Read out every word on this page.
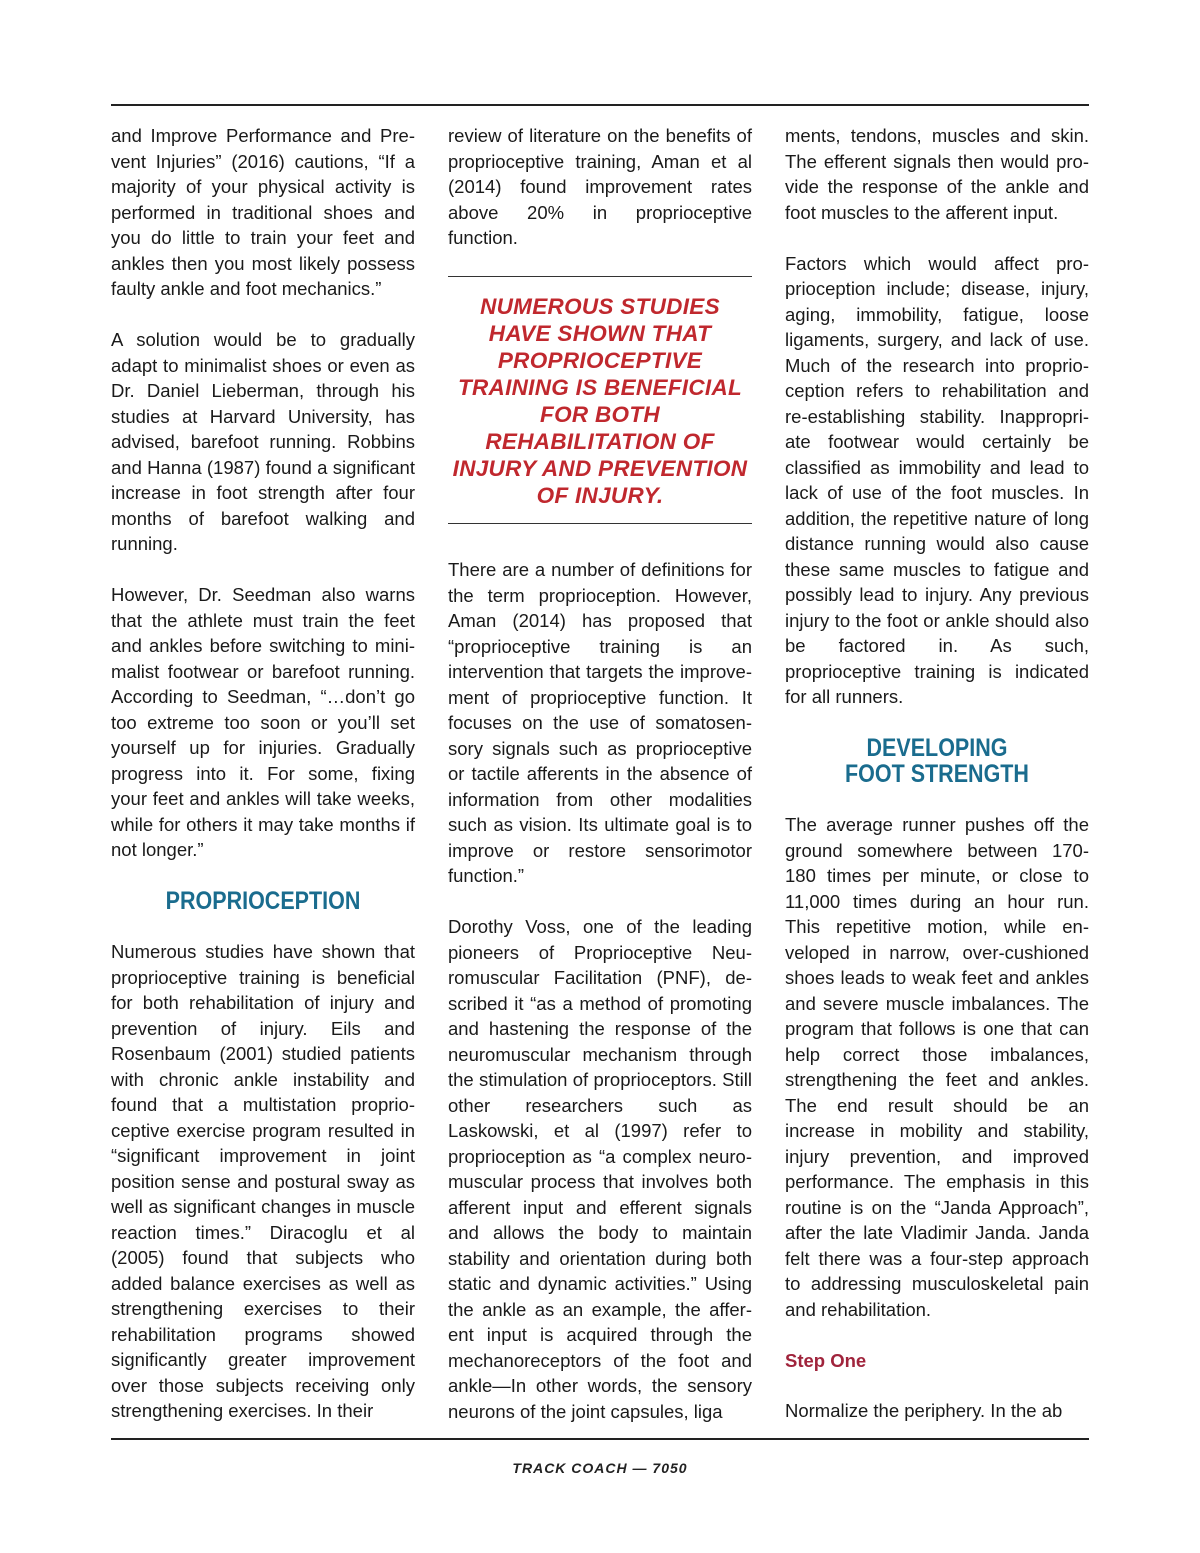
and Improve Performance and Prevent Injuries” (2016) cautions, “If a majority of your physical activity is performed in traditional shoes and you do little to train your feet and ankles then you most likely possess faulty ankle and foot mechanics.”

A solution would be to gradually adapt to minimalist shoes or even as Dr. Daniel Lieberman, through his studies at Harvard University, has advised, barefoot running. Robbins and Hanna (1987) found a significant increase in foot strength after four months of barefoot walking and running.

However, Dr. Seedman also warns that the athlete must train the feet and ankles before switching to minimalist footwear or barefoot running. According to Seedman, “…don’t go too extreme too soon or you’ll set yourself up for injuries. Gradually progress into it. For some, fixing your feet and ankles will take weeks, while for others it may take months if not longer.”

PROPRIOCEPTION

Numerous studies have shown that proprioceptive training is beneficial for both rehabilitation of injury and prevention of injury. Eils and Rosenbaum (2001) studied patients with chronic ankle instability and found that a multistation proprioceptive exercise program resulted in “significant improvement in joint position sense and postural sway as well as significant changes in muscle reaction times.” Diracoglu et al (2005) found that subjects who added balance exercises as well as strengthening exercises to their rehabilitation programs showed significantly greater improvement over those subjects receiving only strengthening exercises. In their

review of literature on the benefits of proprioceptive training, Aman et al (2014) found improvement rates above 20% in proprioceptive function.

NUMEROUS STUDIES HAVE SHOWN THAT PROPRIOCEPTIVE TRAINING IS BENEFICIAL FOR BOTH REHABILITATION OF INJURY AND PREVENTION OF INJURY.

There are a number of definitions for the term proprioception. However, Aman (2014) has proposed that “proprioceptive training is an intervention that targets the improvement of proprioceptive function. It focuses on the use of somatosensory signals such as proprioceptive or tactile afferents in the absence of information from other modalities such as vision. Its ultimate goal is to improve or restore sensorimotor function.”

Dorothy Voss, one of the leading pioneers of Proprioceptive Neuromuscular Facilitation (PNF), described it “as a method of promoting and hastening the response of the neuromuscular mechanism through the stimulation of proprioceptors. Still other researchers such as Laskowski, et al (1997) refer to proprioception as “a complex neuromuscular process that involves both afferent input and efferent signals and allows the body to maintain stability and orientation during both static and dynamic activities.” Using the ankle as an example, the afferent input is acquired through the mechanoreceptors of the foot and ankle—In other words, the sensory neurons of the joint capsules, liga

ments, tendons, muscles and skin. The efferent signals then would provide the response of the ankle and foot muscles to the afferent input.

Factors which would affect proprioception include; disease, injury, aging, immobility, fatigue, loose ligaments, surgery, and lack of use. Much of the research into proprioception refers to rehabilitation and re-establishing stability. Inappropriate footwear would certainly be classified as immobility and lead to lack of use of the foot muscles. In addition, the repetitive nature of long distance running would also cause these same muscles to fatigue and possibly lead to injury. Any previous injury to the foot or ankle should also be factored in. As such, proprioceptive training is indicated for all runners.

DEVELOPING FOOT STRENGTH

The average runner pushes off the ground somewhere between 170-180 times per minute, or close to 11,000 times during an hour run. This repetitive motion, while enveloped in narrow, over-cushioned shoes leads to weak feet and ankles and severe muscle imbalances. The program that follows is one that can help correct those imbalances, strengthening the feet and ankles. The end result should be an increase in mobility and stability, injury prevention, and improved performance. The emphasis in this routine is on the “Janda Approach”, after the late Vladimir Janda. Janda felt there was a four-step approach to addressing musculoskeletal pain and rehabilitation.

Step One

Normalize the periphery. In the ab

TRACK COACH — 7050
